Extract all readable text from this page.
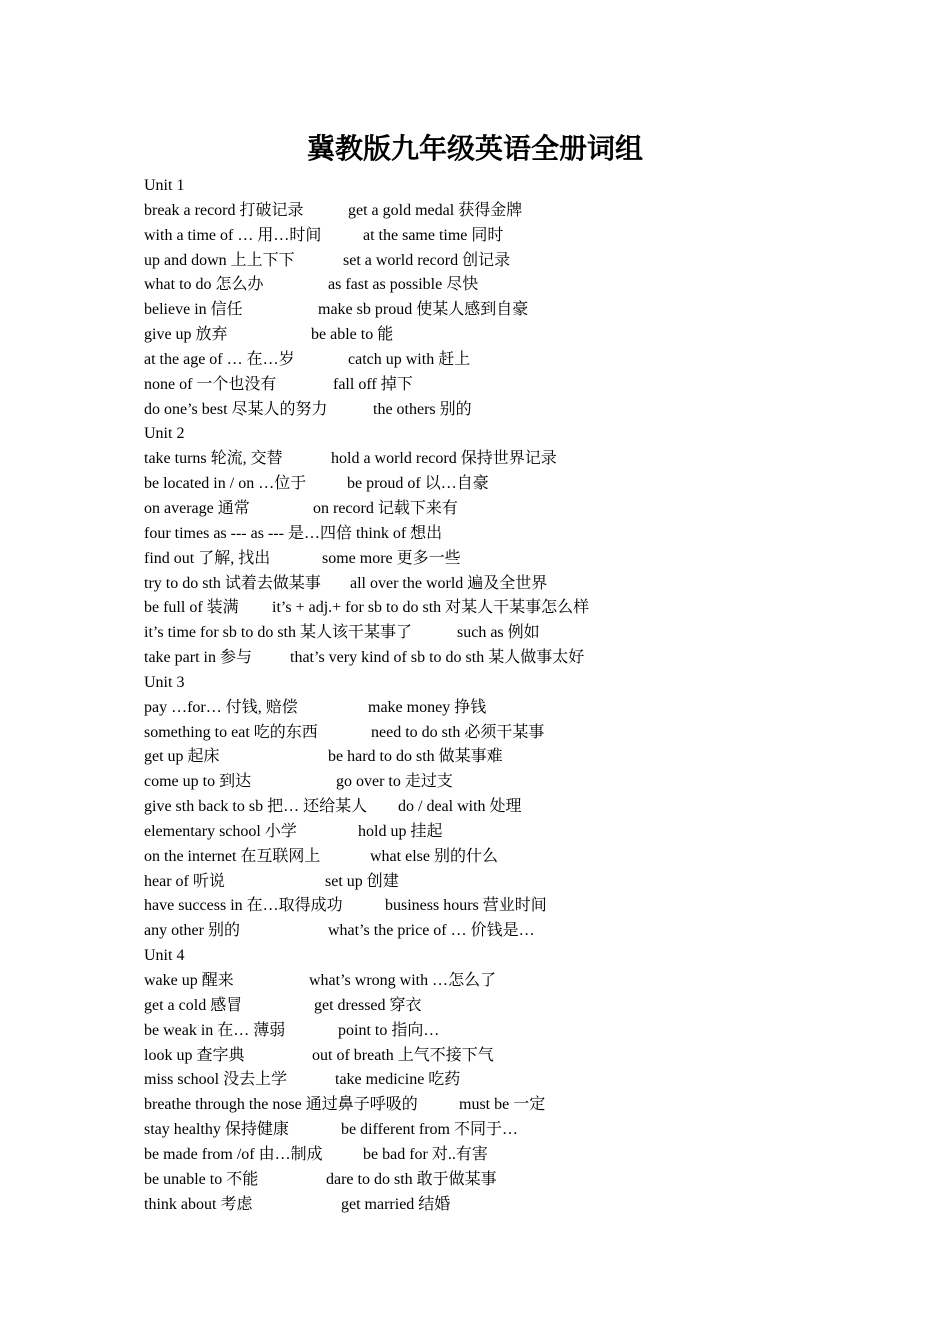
冀教版九年级英语全册词组
Unit 1
break a record 打破记录	get a gold medal 获得金牌
with a time of … 用…时间	at the same time 同时
up and down 上上下下	set a world record 创记录
what to do 怎么办	as fast as possible 尽快
believe in 信任	make sb proud 使某人感到自豪
give up 放弃	be able to 能
at the age of … 在…岁	catch up with 赶上
none of 一个也没有	fall off 掉下
do one’s best 尽某人的努力	the others 别的
Unit 2
take turns 轮流, 交替	hold a world record 保持世界记录
be located in / on …位于	be proud of 以…自豪
on average 通常	on record 记载下来有
four times as --- as --- 是…四倍 think of 想出
find out 了解, 找出	some more 更多一些
try to do sth 试着去做某事 all over the world 遍及全世界
be full of 装满 it’s + adj.+ for sb to do sth 对某人干某事怎么样
it’s time for sb to do sth 某人该干某事了	such as 例如
take part in 参与 that’s very kind of sb to do sth 某人做事太好
Unit 3
pay …for… 付钱, 赔偿	make money 挣钱
something to eat 吃的东西	need to do sth 必须干某事
get up 起床	be hard to do sth 做某事难
come up to 到达	go over to 走过支
give sth back to sb 把… 还给某人 do / deal with 处理
elementary school 小学	hold up 挂起
on the internet 在互联网上	what else 别的什么
hear of 听说	set up 创建
have success in 在…取得成功	business hours 营业时间
any other 别的	what’s the price of … 价钱是…
Unit 4
wake up 醒来	what’s wrong with …怎么了
get a cold 感冒	get dressed 穿衣
be weak in 在… 薄弱	point to 指向…
look up 查字典	out of breath 上气不接下气
miss school 没去上学	take medicine 吃药
breathe through the nose 通过鼻子呼吸的	must be 一定
stay healthy 保持健康	be different from 不同于…
be made from /of 由…制成	be bad for 对..有害
be unable to 不能	dare to do sth 敢于做某事
think about 考虑	get married 结婚
